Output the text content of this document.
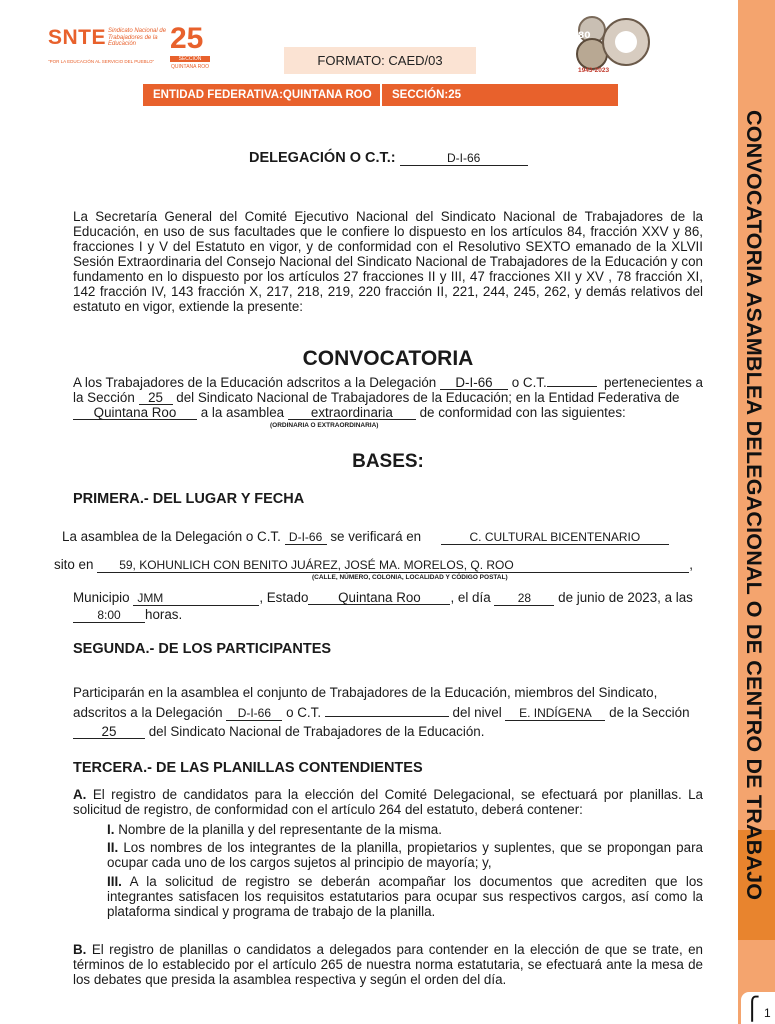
SNTE Sindicato Nacional de Trabajadores de la Educación	25
SECCIÓN
QUINTANA ROO
"POR LA EDUCACIÓN AL SERVICIO DEL PUEBLO"	FORMATO: CAED/03
80
1943-2023
ENTIDAD FEDERATIVA:QUINTANA ROO	SECCIÓN:25
CONVOCATORIA ASAMBLEA DELEGACIONAL O DE CENTRO DE TRABAJO
⎧ 1
DELEGACIÓN O C.T.:	D-I-66
La Secretaría General del Comité Ejecutivo Nacional del Sindicato Nacional de Trabajadores de la Educación, en uso de sus facultades que le confiere lo dispuesto en los artículos 84, fracción XXV y 86, fracciones I y V del Estatuto en vigor, y de conformidad con el Resolutivo SEXTO emanado de la XLVII Sesión Extraordinaria del Consejo Nacional del Sindicato Nacional de Trabajadores de la Educación y con fundamento en lo dispuesto por los artículos 27 fracciones II y III, 47 fracciones XII y XV , 78 fracción XI, 142 fracción IV, 143 fracción X, 217, 218, 219, 220 fracción II, 221, 244, 245, 262, y demás relativos del estatuto en vigor, extiende la presente:
CONVOCATORIA
A los Trabajadores de la Educación adscritos a la Delegación D-I-66 o C.T.	pertenecientes a
la Sección 25 del Sindicato Nacional de Trabajadores de la Educación; en la Entidad Federativa de
Quintana Roo a la asamblea extraordinaria de conformidad con las siguientes:
(ORDINARIA O EXTRAORDINARIA)
BASES:
PRIMERA.- DEL LUGAR Y FECHA
La asamblea de la Delegación o C.T. D-I-66 se verificará en	C. CULTURAL BICENTENARIO
sito en 59, KOHUNLICH CON BENITO JUÁREZ, JOSÉ MA. MORELOS, Q. ROO	,
(CALLE, NÚMERO, COLONIA, LOCALIDAD Y CÓDIGO POSTAL)
Municipio JMM	, Estado Quintana Roo , el día 28 de junio de 2023, a las
8:00 horas.
SEGUNDA.- DE LOS PARTICIPANTES
Participarán en la asamblea el conjunto de Trabajadores de la Educación, miembros del Sindicato,
adscritos a la Delegación D-I-66 o C.T.	del nivel E. INDÍGENA de la Sección
25 del Sindicato Nacional de Trabajadores de la Educación.
TERCERA.- DE LAS PLANILLAS CONTENDIENTES
A. El registro de candidatos para la elección del Comité Delegacional, se efectuará por planillas. La solicitud de registro, de conformidad con el artículo 264 del estatuto, deberá contener:
I. Nombre de la planilla y del representante de la misma.
II. Los nombres de los integrantes de la planilla, propietarios y suplentes, que se propongan para ocupar cada uno de los cargos sujetos al principio de mayoría; y,
III. A la solicitud de registro se deberán acompañar los documentos que acrediten que los integrantes satisfacen los requisitos estatutarios para ocupar sus respectivos cargos, así como la plataforma sindical y programa de trabajo de la planilla.
B. El registro de planillas o candidatos a delegados para contender en la elección de que se trate, en términos de lo establecido por el artículo 265 de nuestra norma estatutaria, se efectuará ante la mesa de los debates que presida la asamblea respectiva y según el orden del día.
